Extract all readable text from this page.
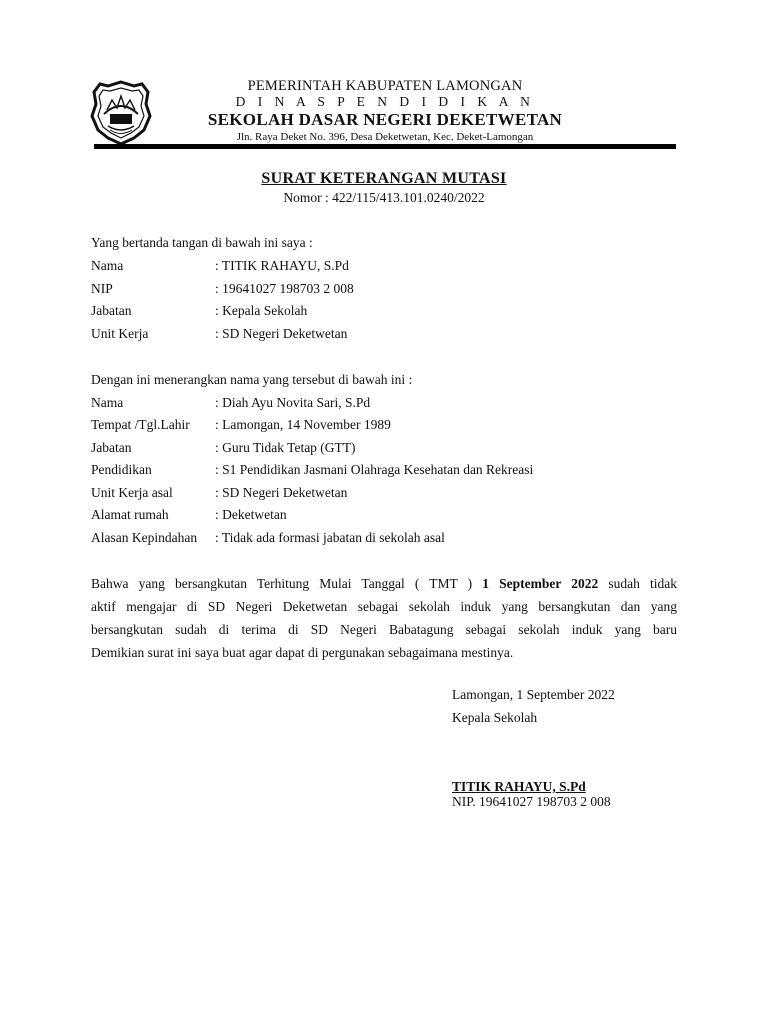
PEMERINTAH KABUPATEN LAMONGAN
D I N A S P E N D I D I K A N
SEKOLAH DASAR NEGERI DEKETWETAN
Jln. Raya Deket No. 396, Desa Deketwetan, Kec. Deket-Lamongan
SURAT KETERANGAN MUTASI
Nomor : 422/115/413.101.0240/2022
Yang bertanda tangan di bawah ini saya :
Nama	: TITIK RAHAYU, S.Pd
NIP	: 19641027 198703 2 008
Jabatan	: Kepala Sekolah
Unit Kerja	: SD Negeri Deketwetan
Dengan ini menerangkan nama yang tersebut di bawah ini :
Nama	: Diah Ayu Novita Sari, S.Pd
Tempat /Tgl.Lahir : Lamongan, 14 November 1989
Jabatan	: Guru Tidak Tetap (GTT)
Pendidikan	: S1 Pendidikan Jasmani Olahraga Kesehatan dan Rekreasi
Unit Kerja asal	: SD Negeri Deketwetan
Alamat rumah	: Deketwetan
Alasan Kepindahan : Tidak ada formasi jabatan di sekolah asal
Bahwa yang bersangkutan Terhitung Mulai Tanggal ( TMT ) 1 September 2022 sudah tidak
aktif mengajar di SD Negeri Deketwetan sebagai sekolah induk yang bersangkutan dan yang
bersangkutan sudah di terima di SD Negeri Babatagung sebagai sekolah induk yang baru
Demikian surat ini saya buat agar dapat di pergunakan sebagaimana mestinya.
Lamongan, 1 September 2022
Kepala Sekolah
TITIK RAHAYU, S.Pd
NIP. 19641027 198703 2 008
